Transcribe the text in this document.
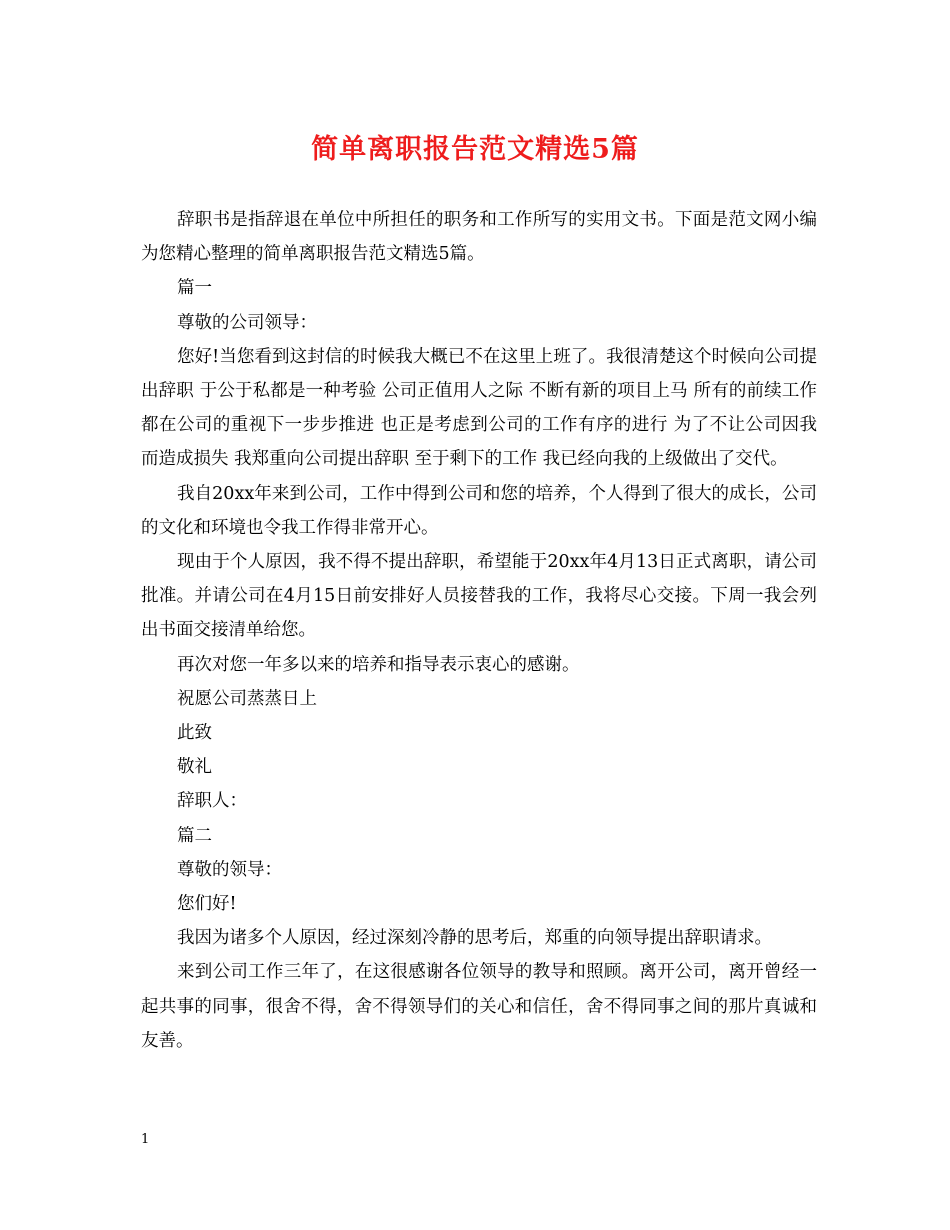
简单离职报告范文精选5篇

辞职书是指辞退在单位中所担任的职务和工作所写的实用文书。下面是范文网小编为您精心整理的简单离职报告范文精选5篇。

篇一

尊敬的公司领导：

您好!当您看到这封信的时候我大概已不在这里上班了。我很清楚这个时候向公司提出辞职 于公于私都是一种考验 公司正值用人之际 不断有新的项目上马 所有的前续工作都在公司的重视下一步步推进 也正是考虑到公司的工作有序的进行 为了不让公司因我而造成损失 我郑重向公司提出辞职 至于剩下的工作 我已经向我的上级做出了交代。

我自20xx年来到公司，工作中得到公司和您的培养，个人得到了很大的成长，公司的文化和环境也令我工作得非常开心。

现由于个人原因，我不得不提出辞职，希望能于20xx年4月13日正式离职，请公司批准。并请公司在4月15日前安排好人员接替我的工作，我将尽心交接。下周一我会列出书面交接清单给您。

再次对您一年多以来的培养和指导表示衷心的感谢。

祝愿公司蒸蒸日上

此致

敬礼

辞职人：

篇二

尊敬的领导：

您们好!

我因为诸多个人原因，经过深刻冷静的思考后，郑重的向领导提出辞职请求。

来到公司工作三年了，在这很感谢各位领导的教导和照顾。离开公司，离开曾经一起共事的同事，很舍不得，舍不得领导们的关心和信任，舍不得同事之间的那片真诚和友善。

1
